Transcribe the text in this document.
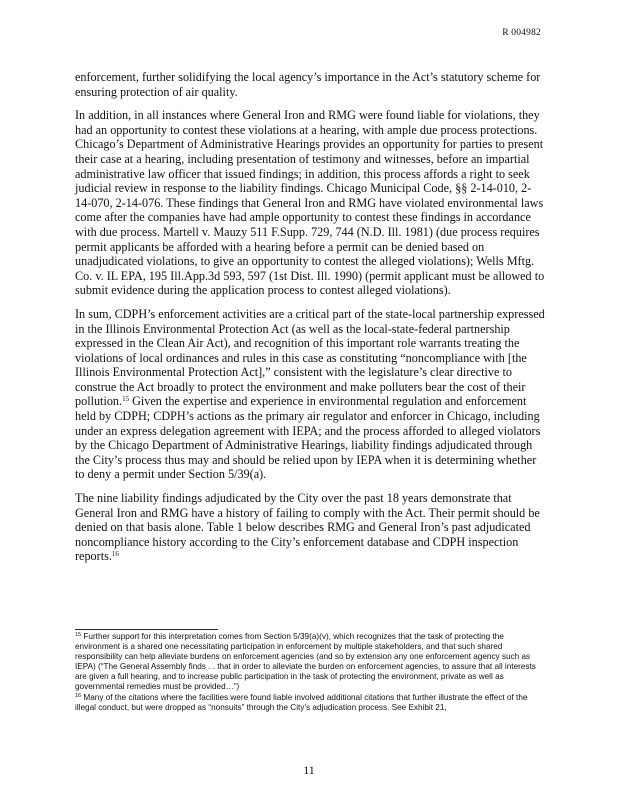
R 004982

enforcement, further solidifying the local agency’s importance in the Act’s statutory scheme for ensuring protection of air quality.

In addition, in all instances where General Iron and RMG were found liable for violations, they had an opportunity to contest these violations at a hearing, with ample due process protections. Chicago’s Department of Administrative Hearings provides an opportunity for parties to present their case at a hearing, including presentation of testimony and witnesses, before an impartial administrative law officer that issued findings; in addition, this process affords a right to seek judicial review in response to the liability findings. Chicago Municipal Code, §§ 2-14-010, 2-14-070, 2-14-076. These findings that General Iron and RMG have violated environmental laws come after the companies have had ample opportunity to contest these findings in accordance with due process. Martell v. Mauzy 511 F.Supp. 729, 744 (N.D. Ill. 1981) (due process requires permit applicants be afforded with a hearing before a permit can be denied based on unadjudicated violations, to give an opportunity to contest the alleged violations); Wells Mftg. Co. v. IL EPA, 195 Ill.App.3d 593, 597 (1st Dist. Ill. 1990) (permit applicant must be allowed to submit evidence during the application process to contest alleged violations).

In sum, CDPH’s enforcement activities are a critical part of the state-local partnership expressed in the Illinois Environmental Protection Act (as well as the local-state-federal partnership expressed in the Clean Air Act), and recognition of this important role warrants treating the violations of local ordinances and rules in this case as constituting “noncompliance with [the Illinois Environmental Protection Act],” consistent with the legislature’s clear directive to construe the Act broadly to protect the environment and make polluters bear the cost of their pollution.$^{15}$ Given the expertise and experience in environmental regulation and enforcement held by CDPH; CDPH’s actions as the primary air regulator and enforcer in Chicago, including under an express delegation agreement with IEPA; and the process afforded to alleged violators by the Chicago Department of Administrative Hearings, liability findings adjudicated through the City’s process thus may and should be relied upon by IEPA when it is determining whether to deny a permit under Section 5/39(a).

The nine liability findings adjudicated by the City over the past 18 years demonstrate that General Iron and RMG have a history of failing to comply with the Act. Their permit should be denied on that basis alone. Table 1 below describes RMG and General Iron’s past adjudicated noncompliance history according to the City’s enforcement database and CDPH inspection reports.$^{16}$

$^{15}$ Further support for this interpretation comes from Section 5/39(a)(v), which recognizes that the task of protecting the environment is a shared one necessitating participation in enforcement by multiple stakeholders, and that such shared responsibility can help alleviate burdens on enforcement agencies (and so by extension any one enforcement agency such as IEPA) (“The General Assembly finds . . that in order to alleviate the burden on enforcement agencies, to assure that all interests are given a full hearing, and to increase public participation in the task of protecting the environment, private as well as governmental remedies must be provided…”)

$^{16}$ Many of the citations where the facilities were found liable involved additional citations that further illustrate the effect of the illegal conduct, but were dropped as “nonsuits” through the City’s adjudication process. See Exhibit 21,

11
